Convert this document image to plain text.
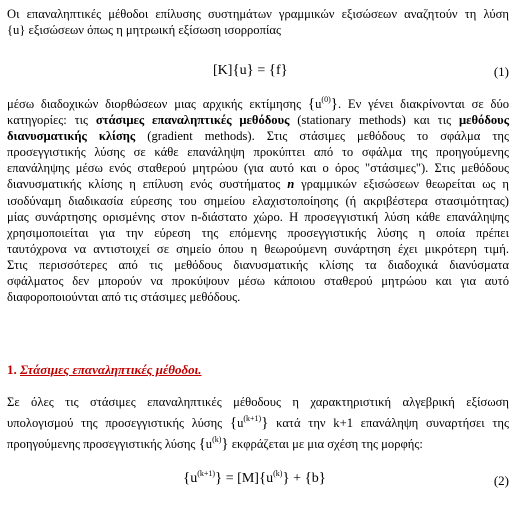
Οι επαναληπτικές μέθοδοι επίλυσης συστημάτων γραμμικών εξισώσεων αναζητούν τη λύση
{u} εξισώσεων όπως η μητρωική εξίσωση ισορροπίας
[K]{u} = {f}	(1)
μέσω διαδοχικών διορθώσεων μιας αρχικής εκτίμησης $\{u^{(0)}\}$. Εν γένει διακρίνονται σε δύο
κατηγορίες: τις στάσιμες επαναληπτικές μεθόδους (stationary methods) και τις μεθόδους
διανυσματικής κλίσης (gradient methods). Στις στάσιμες μεθόδους το σφάλμα της
προσεγγιστικής λύσης σε κάθε επανάληψη προκύπτει από το σφάλμα της προηγούμενης
επανάληψης μέσω ενός σταθερού μητρώου (για αυτό και ο όρος "στάσιμες"). Στις μεθόδους
διανυσματικής κλίσης η επίλυση ενός συστήματος n γραμμικών εξισώσεων θεωρείται ως η
ισοδύναμη διαδικασία εύρεσης του σημείου ελαχιστοποίησης (ή ακριβέστερα στασιμότητας)
μίας συνάρτησης ορισμένης στον n-διάστατο χώρο. Η προσεγγιστική λύση κάθε επανάληψης
χρησιμοποιείται για την εύρεση της επόμενης προσεγγιστικής λύσης η οποία πρέπει
ταυτόχρονα να αντιστοιχεί σε σημείο όπου η θεωρούμενη συνάρτηση έχει μικρότερη τιμή.
Στις περισσότερες από τις μεθόδους διανυσματικής κλίσης τα διαδοχικά διανύσματα
σφάλματος δεν μπορούν να προκύψουν μέσω κάποιου σταθερού μητρώου και για αυτό
διαφοροποιούνται από τις στάσιμες μεθόδους.
1. Στάσιμες επαναληπτικές μέθοδοι.
Σε όλες τις στάσιμες επαναληπτικές μέθοδους η χαρακτηριστική αλγεβρική εξίσωση
υπολογισμού της προσεγγιστικής λύσης $\{u^{(k+1)}\}$ κατά την k+1 επανάληψη συναρτήσει της
προηγούμενης προσεγγιστικής λύσης $\{u^{(k)}\}$ εκφράζεται με μια σχέση της μορφής:
$\{u^{(k+1)}\} = [M]\{u^{(k)}\} + \{b\}$	(2)
